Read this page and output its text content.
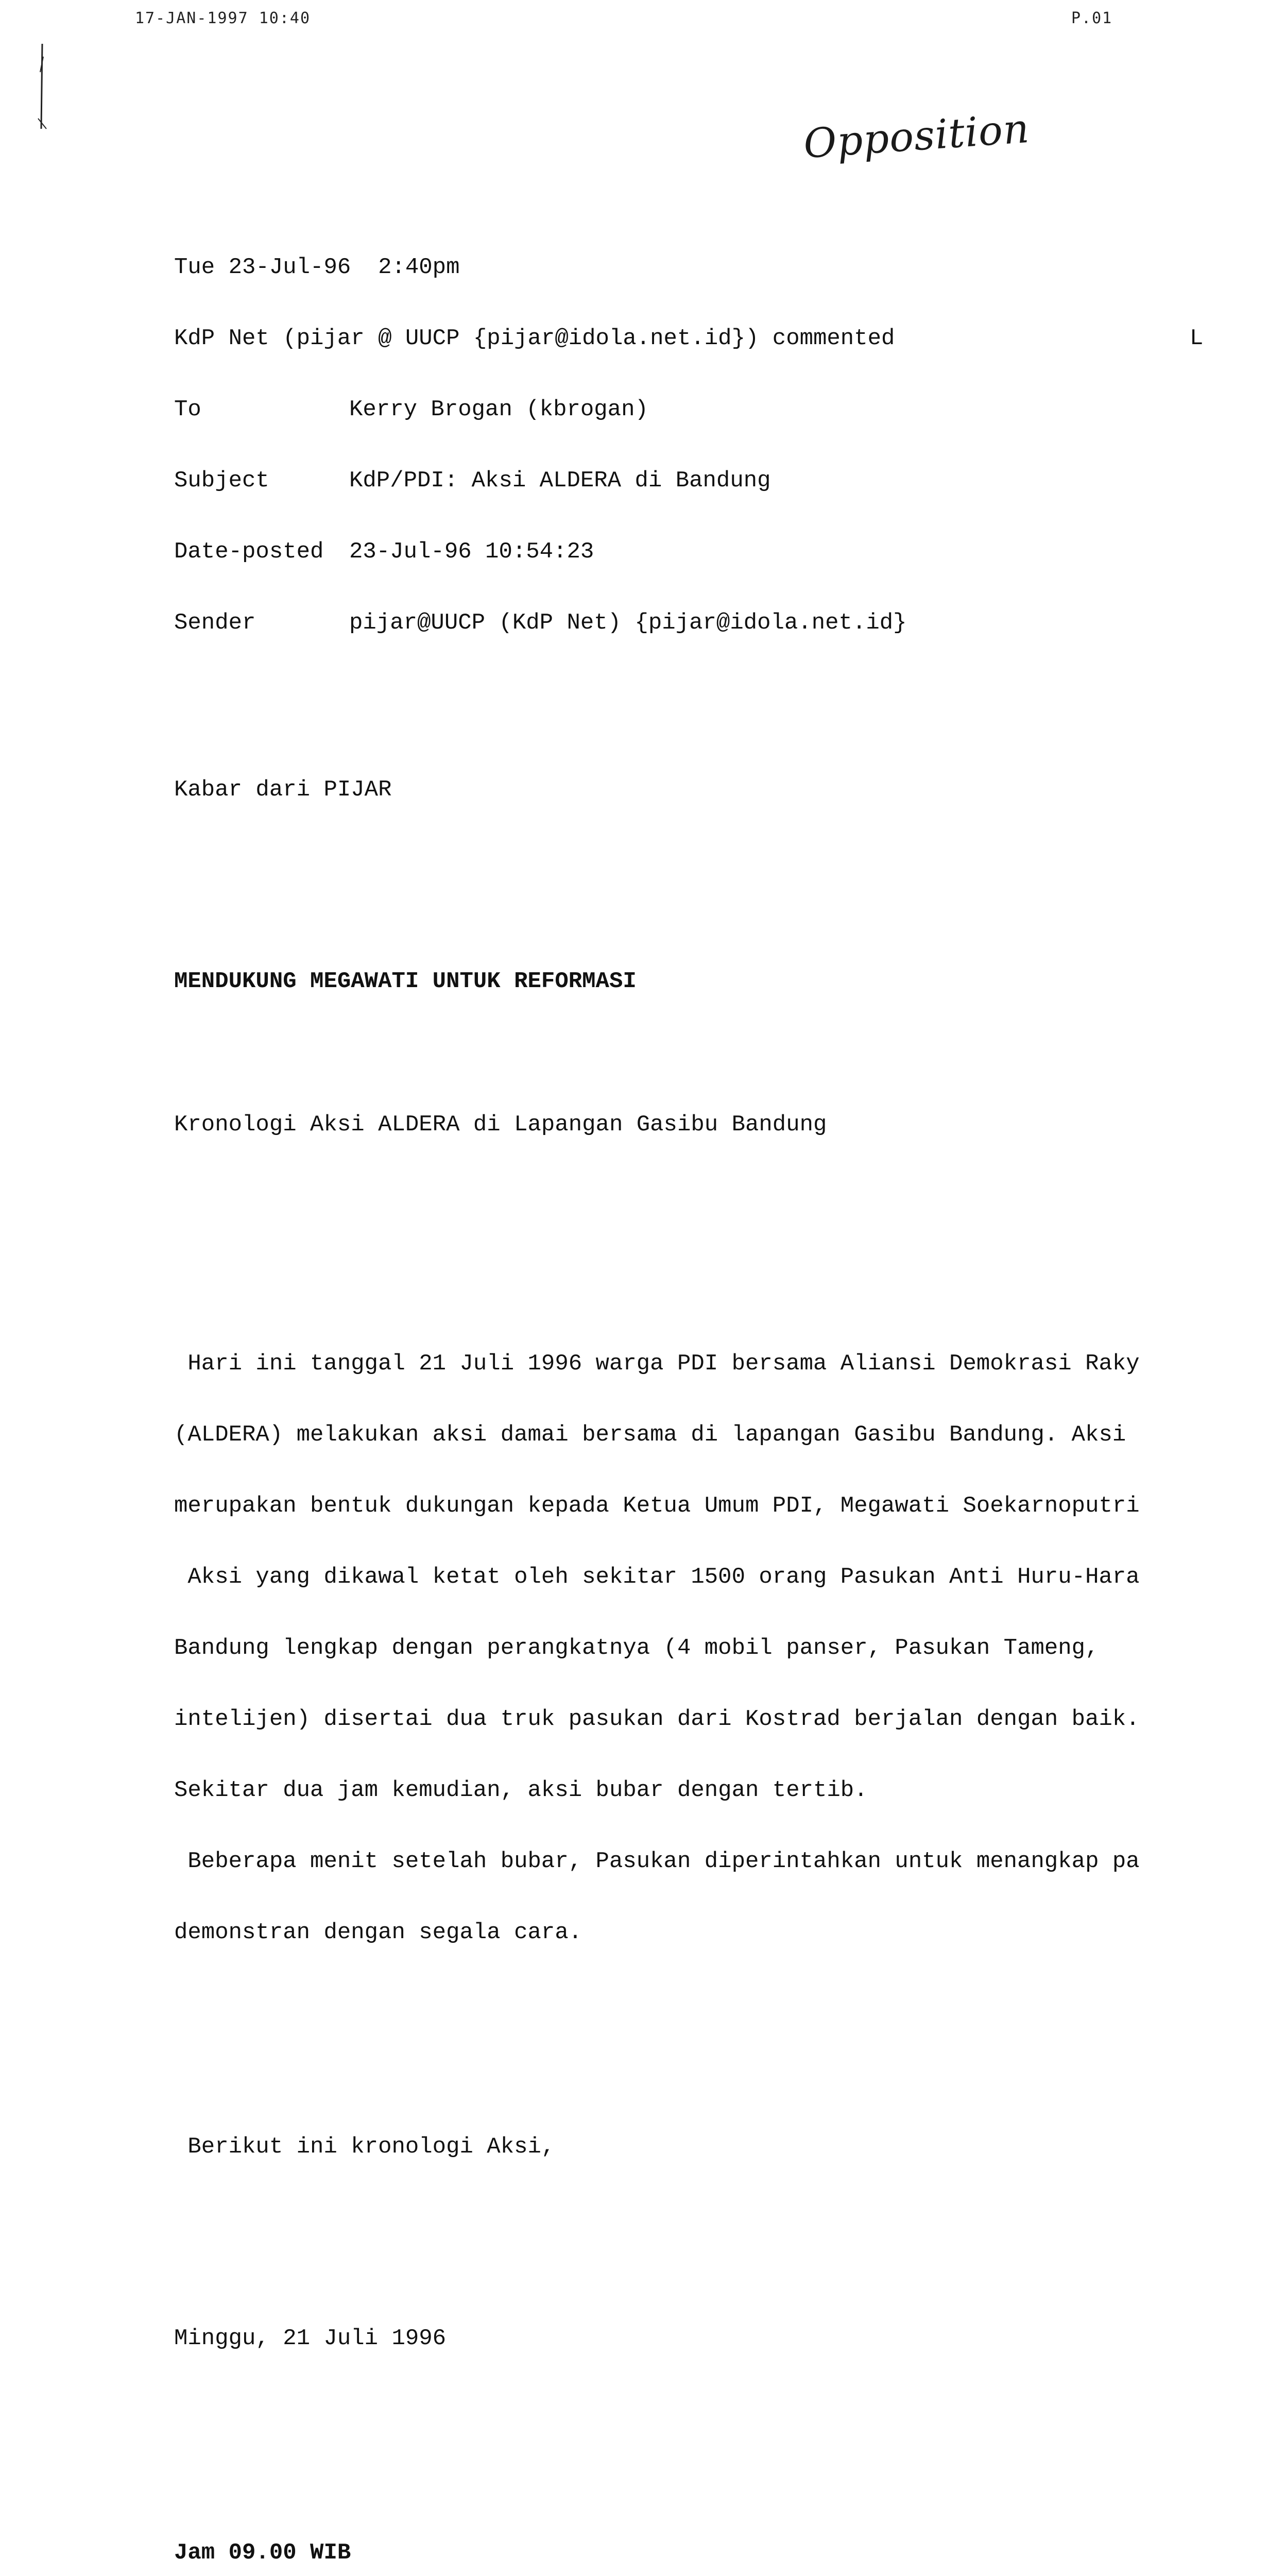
17-JAN-1997 10:40	P.01
Opposition

Tue 23-Jul-96  2:40pm

KdP Net (pijar @ UUCP {pijar@idola.net.id}) commented	L

To	Kerry Brogan (kbrogan)

Subject	KdP/PDI: Aksi ALDERA di Bandung

Date-posted	23-Jul-96 10:54:23

Sender	pijar@UUCP (KdP Net) {pijar@idola.net.id}

Kabar dari PIJAR

MENDUKUNG MEGAWATI UNTUK REFORMASI

Kronologi Aksi ALDERA di Lapangan Gasibu Bandung

Hari ini tanggal 21 Juli 1996 warga PDI bersama Aliansi Demokrasi Raky

(ALDERA) melakukan aksi damai bersama di lapangan Gasibu Bandung. Aksi

merupakan bentuk dukungan kepada Ketua Umum PDI, Megawati Soekarnoputri

Aksi yang dikawal ketat oleh sekitar 1500 orang Pasukan Anti Huru-Hara

Bandung lengkap dengan perangkatnya (4 mobil panser, Pasukan Tameng,

intelijen) disertai dua truk pasukan dari Kostrad berjalan dengan baik.

Sekitar dua jam kemudian, aksi bubar dengan tertib.

Beberapa menit setelah bubar, Pasukan diperintahkan untuk menangkap pa

demonstran dengan segala cara.

Berikut ini kronologi Aksi,

Minggu, 21 Juli 1996

Jam 09.00 WIB
